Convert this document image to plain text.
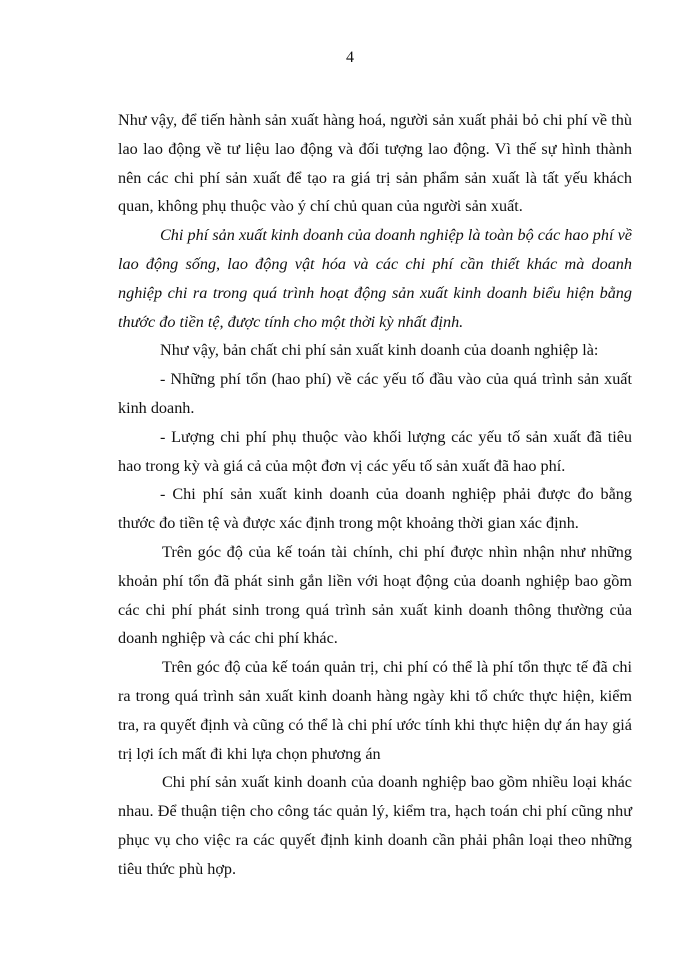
4

Như vậy, để tiến hành sản xuất hàng hoá, người sản xuất phải bỏ chi phí về thù lao lao động về tư liệu lao động và đối tượng lao động. Vì thế sự hình thành nên các chi phí sản xuất để tạo ra giá trị sản phẩm sản xuất là tất yếu khách quan, không phụ thuộc vào ý chí chủ quan của người sản xuất.

Chi phí sản xuất kinh doanh của doanh nghiệp là toàn bộ các hao phí về lao động sống, lao động vật hóa và các chi phí cần thiết khác mà doanh nghiệp chi ra trong quá trình hoạt động sản xuất kinh doanh biểu hiện bằng thước đo tiền tệ, được tính cho một thời kỳ nhất định.

Như vậy, bản chất chi phí sản xuất kinh doanh của doanh nghiệp là:

- Những phí tổn (hao phí) về các yếu tố đầu vào của quá trình sản xuất kinh doanh.

- Lượng chi phí phụ thuộc vào khối lượng các yếu tố sản xuất đã tiêu hao trong kỳ và giá cả của một đơn vị các yếu tố sản xuất đã hao phí.

- Chi phí sản xuất kinh doanh của doanh nghiệp phải được đo bằng thước đo tiền tệ và được xác định trong một khoảng thời gian xác định.

Trên góc độ của kế toán tài chính, chi phí được nhìn nhận như những khoản phí tổn đã phát sinh gắn liền với hoạt động của doanh nghiệp bao gồm các chi phí phát sinh trong quá trình sản xuất kinh doanh thông thường của doanh nghiệp và các chi phí khác.

Trên góc độ của kế toán quản trị, chi phí có thể là phí tổn thực tế đã chi ra trong quá trình sản xuất kinh doanh hàng ngày khi tổ chức thực hiện, kiểm tra, ra quyết định và cũng có thể là chi phí ước tính khi thực hiện dự án hay giá trị lợi ích mất đi khi lựa chọn phương án

Chi phí sản xuất kinh doanh của doanh nghiệp bao gồm nhiều loại khác nhau. Để thuận tiện cho công tác quản lý, kiểm tra, hạch toán chi phí cũng như phục vụ cho việc ra các quyết định kinh doanh cần phải phân loại theo những tiêu thức phù hợp.
